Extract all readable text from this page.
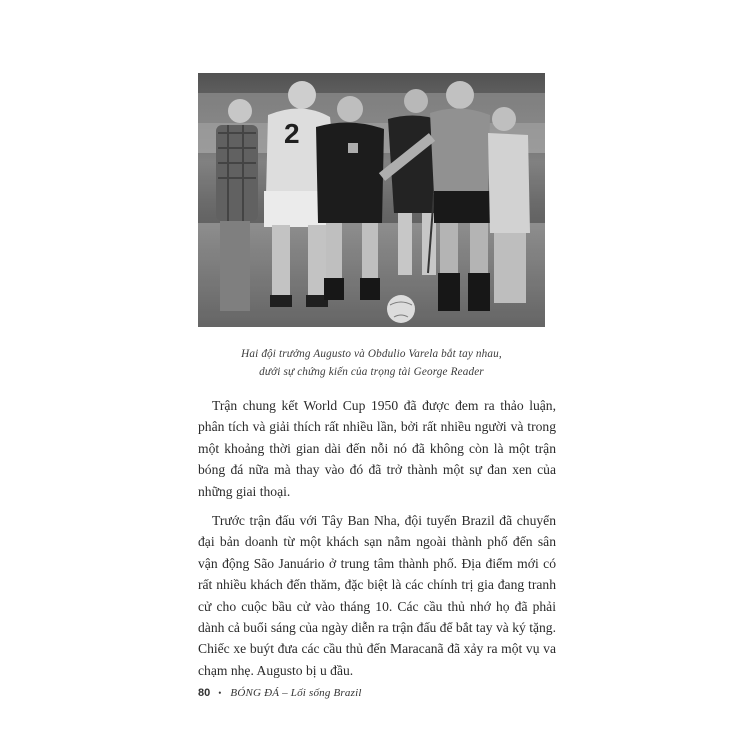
2
Hai đội trưởng Augusto và Obdulio Varela bắt tay nhau,
dưới sự chứng kiến của trọng tài George Reader

Trận chung kết World Cup 1950 đã được đem ra thảo luận, phân tích và giải thích rất nhiều lần, bởi rất nhiều người và trong một khoảng thời gian dài đến nỗi nó đã không còn là một trận bóng đá nữa mà thay vào đó đã trở thành một sự đan xen của những giai thoại.

Trước trận đấu với Tây Ban Nha, đội tuyển Brazil đã chuyển đại bản doanh từ một khách sạn nằm ngoài thành phố đến sân vận động São Januário ở trung tâm thành phố. Địa điểm mới có rất nhiều khách đến thăm, đặc biệt là các chính trị gia đang tranh cử cho cuộc bầu cử vào tháng 10. Các cầu thủ nhớ họ đã phải dành cả buổi sáng của ngày diễn ra trận đấu để bắt tay và ký tặng. Chiếc xe buýt đưa các cầu thủ đến Maracanã đã xảy ra một vụ va chạm nhẹ. Augusto bị u đầu.

80 • BÓNG ĐÁ – Lối sống Brazil
